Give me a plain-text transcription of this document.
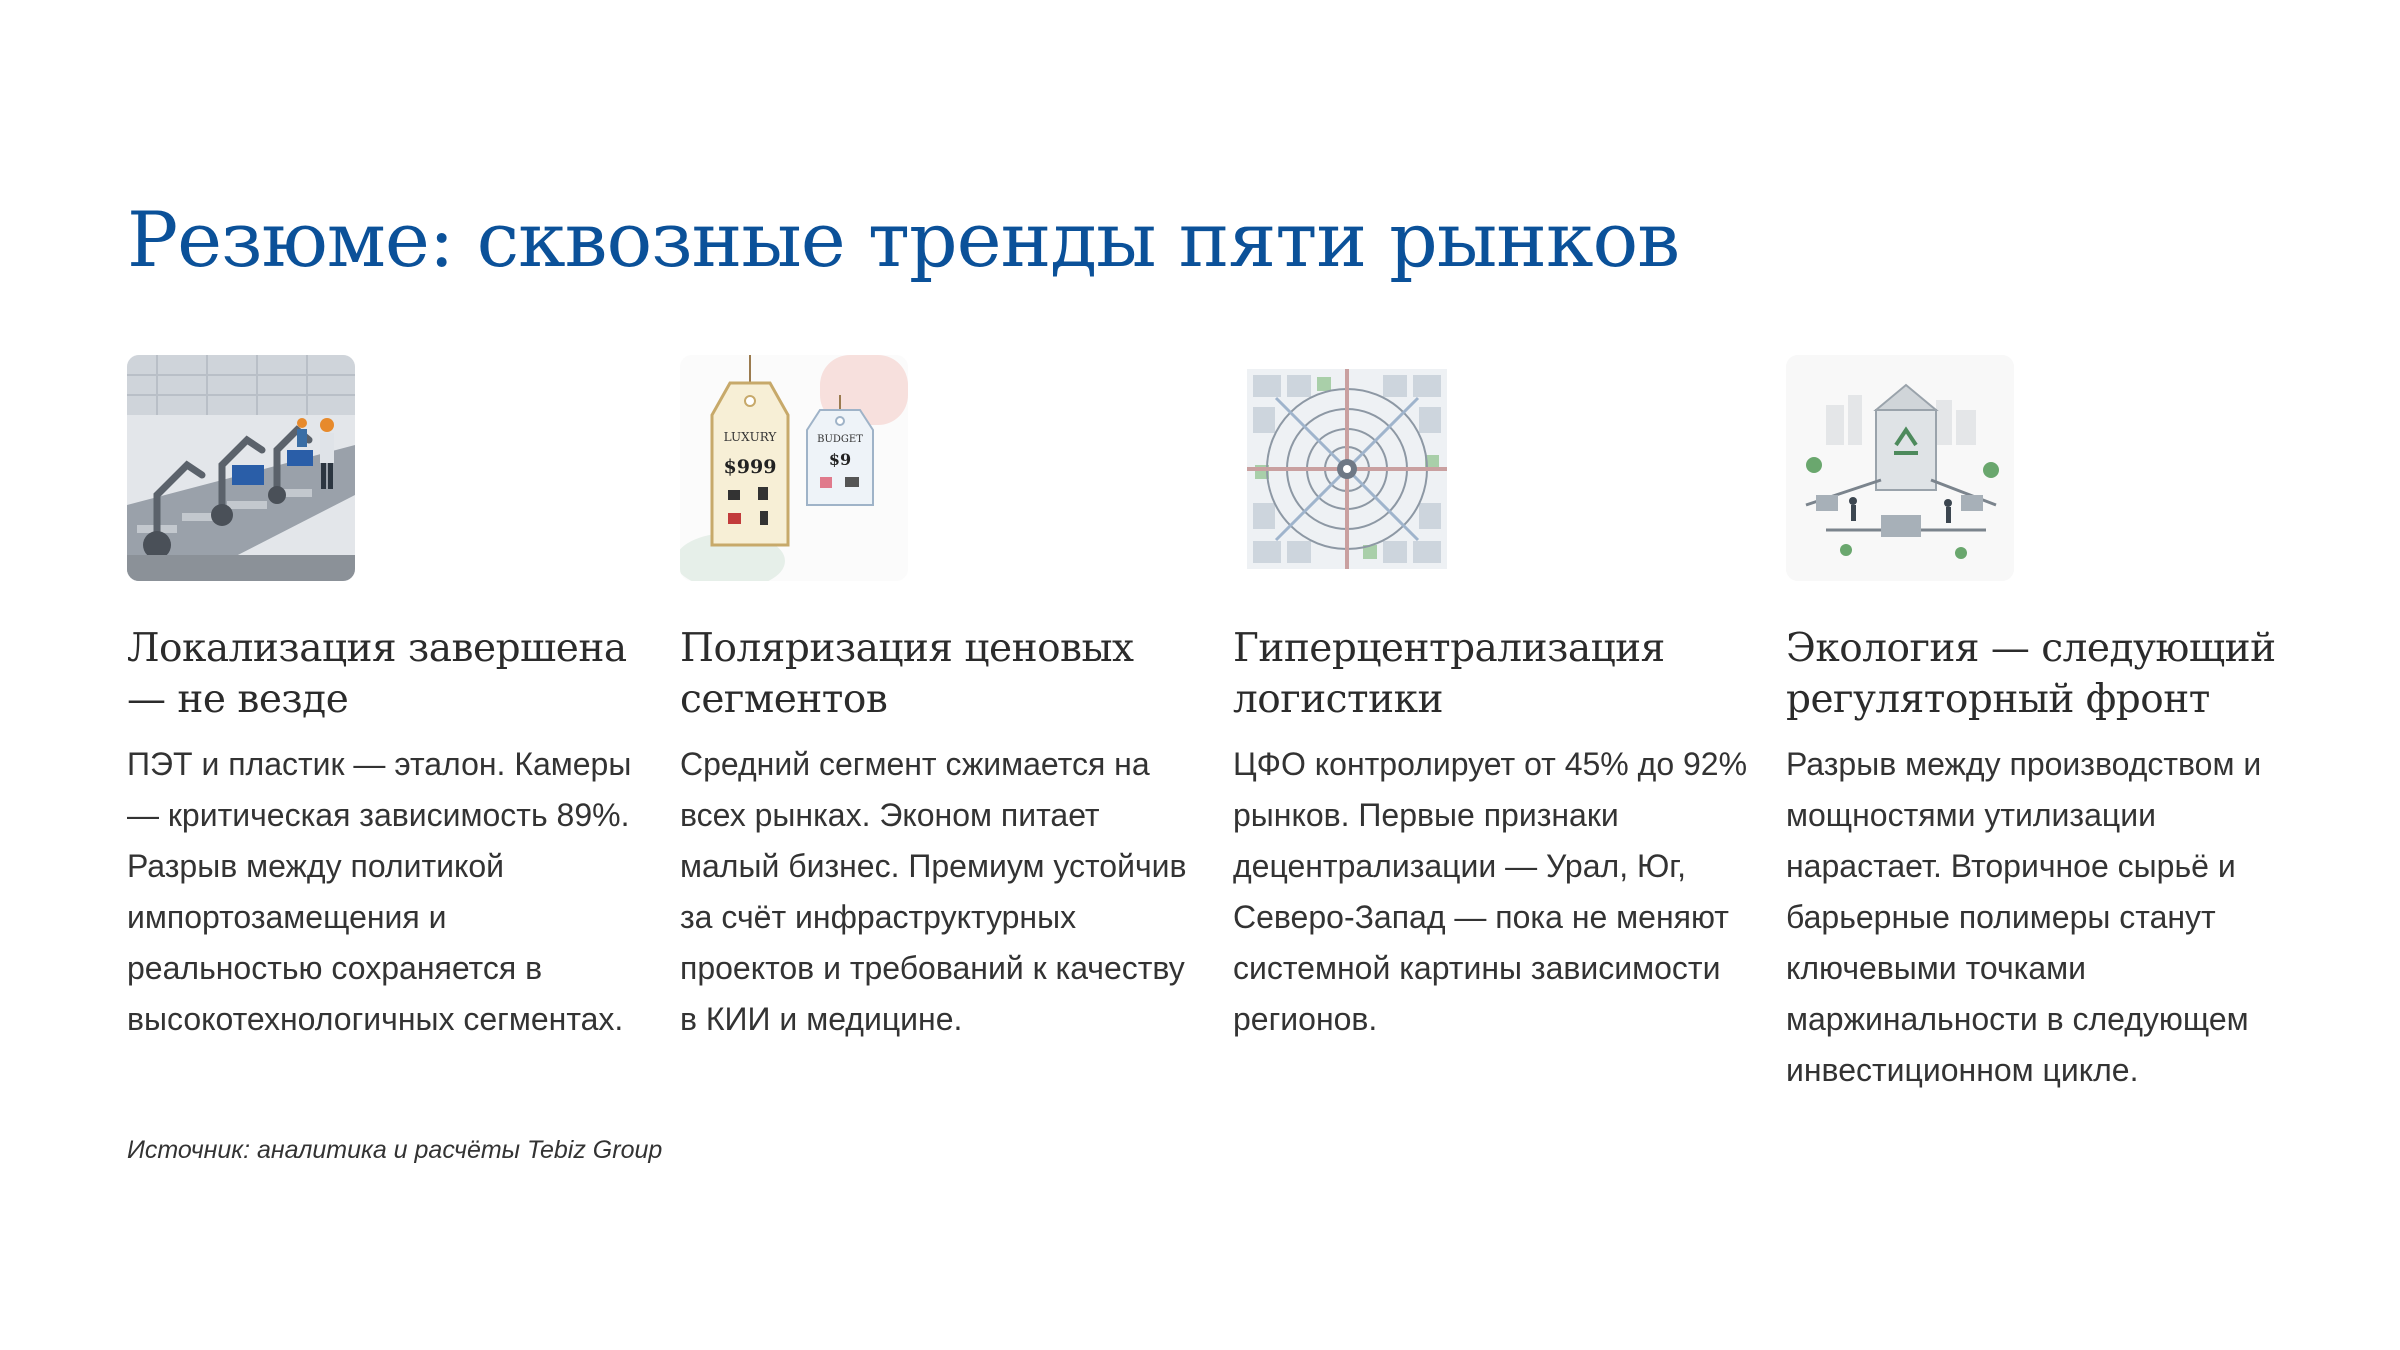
Резюме: сквозные тренды пяти рынков
Локализация завершена — не везде

ПЭТ и пластик — эталон. Камеры — критическая зависимость 89%. Разрыв между политикой импортозамещения и реальностью сохраняется в высокотехнологичных сегментах.

LUXURY
$999
BUDGET
$9
Поляризация ценовых сегментов

Средний сегмент сжимается на всех рынках. Эконом питает малый бизнес. Премиум устойчив за счёт инфраструктурных проектов и требований к качеству в КИИ и медицине.

Гиперцентрализация логистики

ЦФО контролирует от 45% до 92% рынков. Первые признаки децентрализации — Урал, Юг, Северо-Запад — пока не меняют системной картины зависимости регионов.

Экология — следующий регуляторный фронт

Разрыв между производством и мощностями утилизации нарастает. Вторичное сырьё и барьерные полимеры станут ключевыми точками маржинальности в следующем инвестиционном цикле.

Источник: аналитика и расчёты Tebiz Group
